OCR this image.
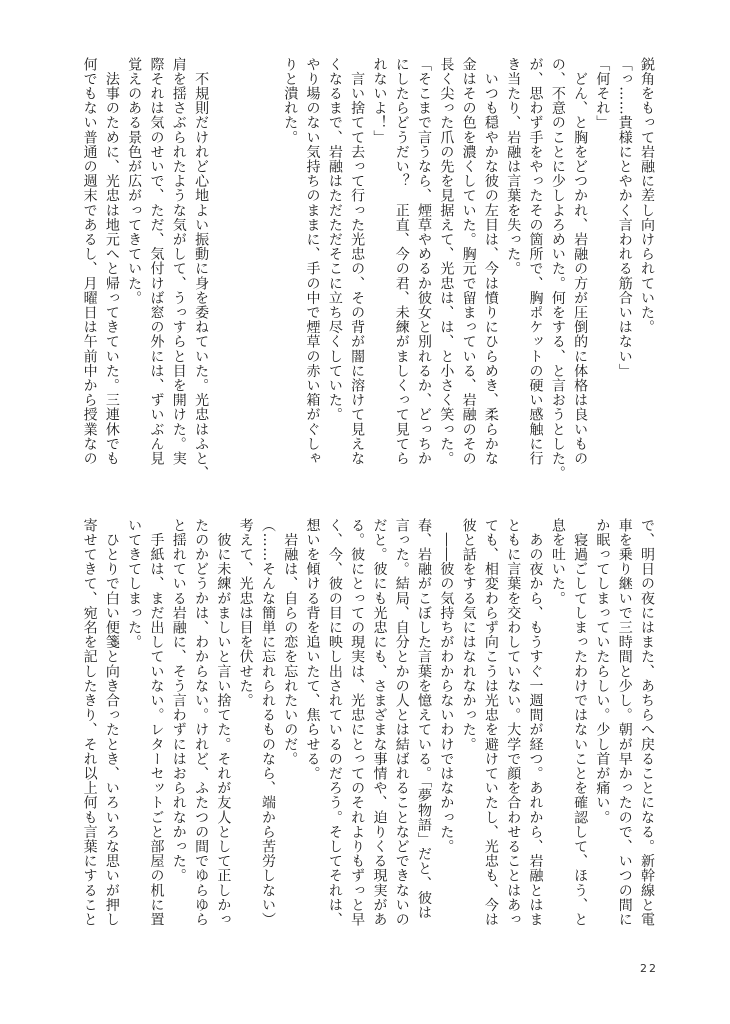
鋭角をもって岩融に差し向けられていた。
「っ……貴様にとやかく言われる筋合いはない」
「何それ」
　どん、と胸をどつかれ、岩融の方が圧倒的に体格は良いもの
の、不意のことに少しよろめいた。何をする、と言おうとした。
が、思わず手をやったその箇所で、胸ポケットの硬い感触に行
き当たり、岩融は言葉を失った。
　いつも穏やかな彼の左目は、今は憤りにひらめき、柔らかな
金はその色を濃くしていた。胸元で留まっている、岩融のその
長く尖った爪の先を見据えて、光忠は、は、と小さく笑った。
「そこまで言うなら、煙草やめるか彼女と別れるか、どっちか
にしたらどうだい？　正直、今の君、未練がましくって見てら
れないよ！」
　言い捨てて去って行った光忠の、その背が闇に溶けて見えな
くなるまで、岩融はただただそこに立ち尽くしていた。
やり場のない気持ちのままに、手の中で煙草の赤い箱がぐしゃ
りと潰れた。
　不規則だけれど心地よい振動に身を委ねていた。光忠はふと、
肩を揺さぶられたような気がして、うっすらと目を開けた。実
際それは気のせいで、ただ、気付けば窓の外には、ずいぶん見
覚えのある景色が広がってきていた。
　法事のために、光忠は地元へと帰ってきていた。三連休でも
何でもない普通の週末であるし、月曜日は午前中から授業なの
で、明日の夜にはまた、あちらへ戻ることになる。新幹線と電
車を乗り継いで三時間と少し。朝が早かったので、いつの間に
か眠ってしまっていたらしい。少し首が痛い。
　寝過ごしてしまったわけではないことを確認して、ほう、と
息を吐いた。
　あの夜から、もうすぐ一週間が経つ。あれから、岩融とはま
ともに言葉を交わしていない。大学で顔を合わせることはあっ
ても、相変わらず向こうは光忠を避けていたし、光忠も、今は
彼と話をする気にはなれなかった。
　――彼の気持ちがわからないわけではなかった。
春、岩融がこぼした言葉を憶えている。「夢物語」だと、彼は
言った。結局、自分とかの人とは結ばれることなどできないの
だと。彼にも光忠にも、さまざまな事情や、迫りくる現実があ
る。彼にとっての現実は、光忠にとってのそれよりもずっと早
く、今、彼の目に映し出されているのだろう。そしてそれは、
想いを傾ける背を追いたて、焦らせる。
　岩融は、自らの恋を忘れたいのだ。
（……そんな簡単に忘れられるものなら、端から苦労しない）
考えて、光忠は目を伏せた。
　彼に未練がましいと言い捨てた。それが友人として正しかっ
たのかどうかは、わからない。けれど、ふたつの間でゆらゆら
と揺れている岩融に、そう言わずにはおられなかった。
　手紙は、まだ出していない。レターセットごと部屋の机に置
いてきてしまった。
　ひとりで白い便箋と向き合ったとき、いろいろな思いが押し
寄せてきて、宛名を記したきり、それ以上何も言葉にすること
22
